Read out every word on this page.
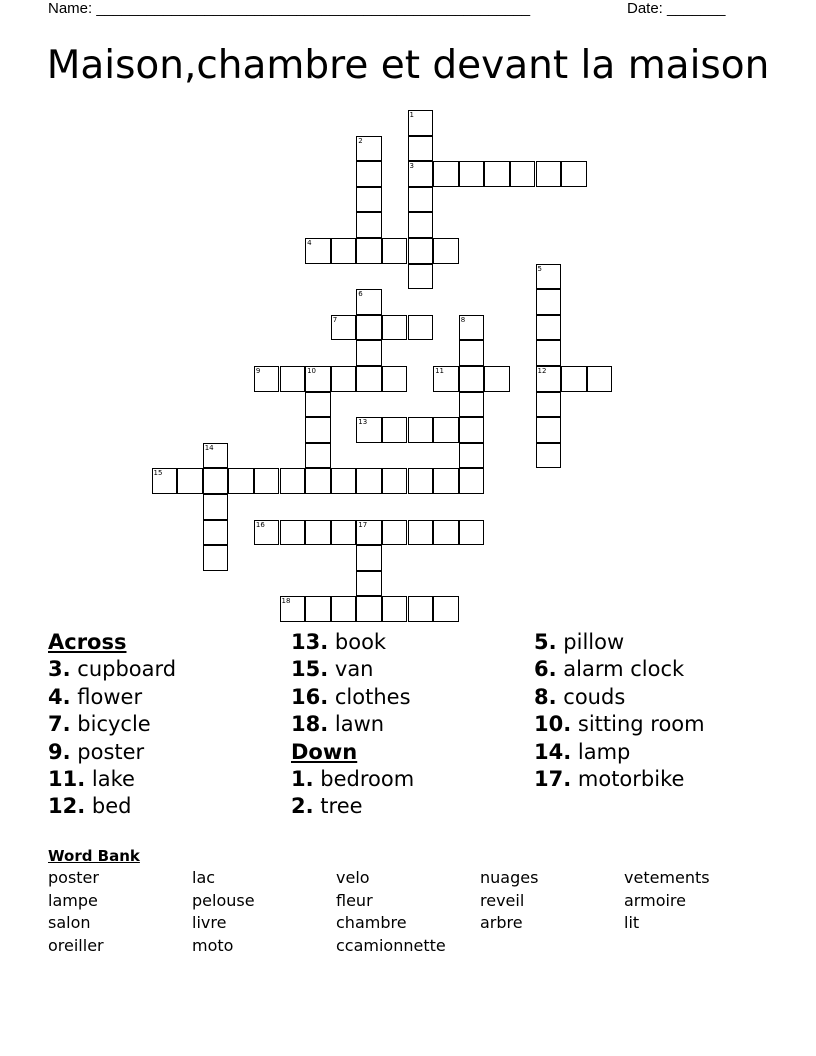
Name: ____________________________________________________	Date: _______
Maison,chambre et devant la maison
1
2
3
4
5
6
7	8
9	10	11	12
13
14
15
16	17
18
Across
3. cupboard
4. flower
7. bicycle
9. poster
11. lake
12. bed
13. book
15. van
16. clothes
18. lawn
Down
1. bedroom
2. tree
5. pillow
6. alarm clock
8. couds
10. sitting room
14. lamp
17. motorbike
Word Bank
poster	lac	velo	nuages	vetements
lampe	pelouse	fleur	reveil	armoire
salon	livre	chambre	arbre	lit
oreiller	moto	ccamionnette
